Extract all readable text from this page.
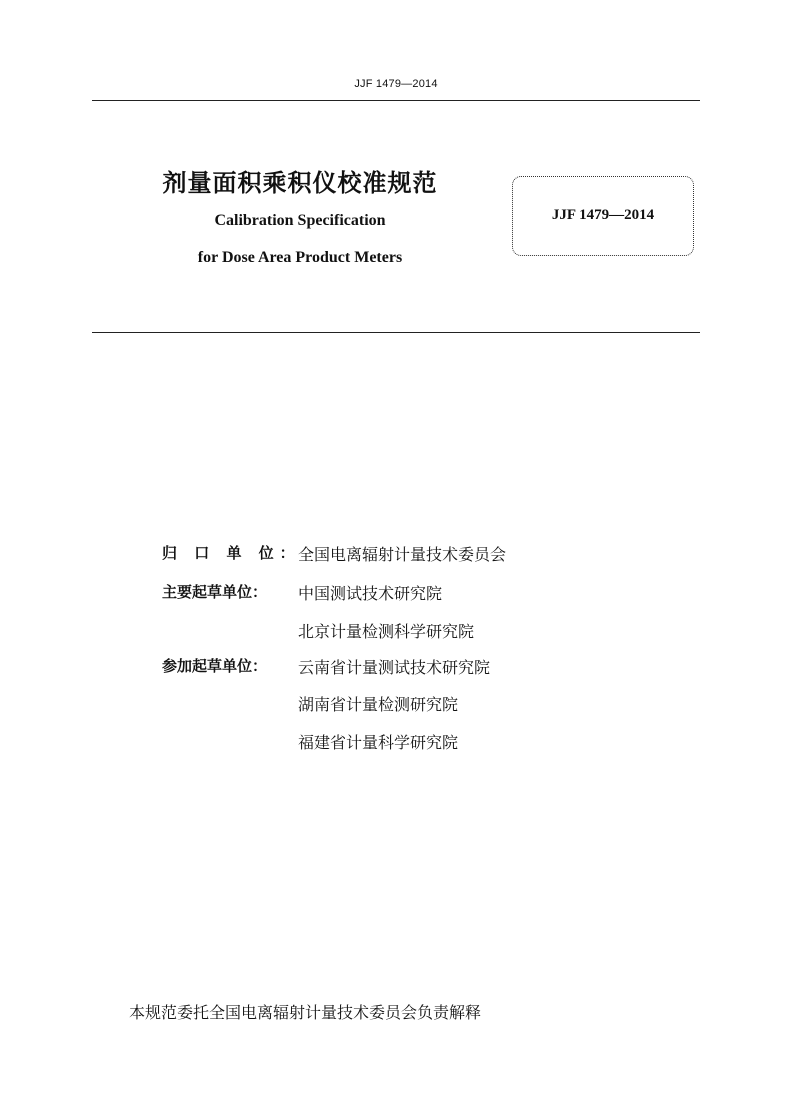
JJF 1479—2014
剂量面积乘积仪校准规范
Calibration Specification
for Dose Area Product Meters
JJF 1479—2014
归 口 单 位：
全国电离辐射计量技术委员会
主要起草单位：	中国测试技术研究院
北京计量检测科学研究院
参加起草单位：	云南省计量测试技术研究院
湖南省计量检测研究院
福建省计量科学研究院
本规范委托全国电离辐射计量技术委员会负责解释
